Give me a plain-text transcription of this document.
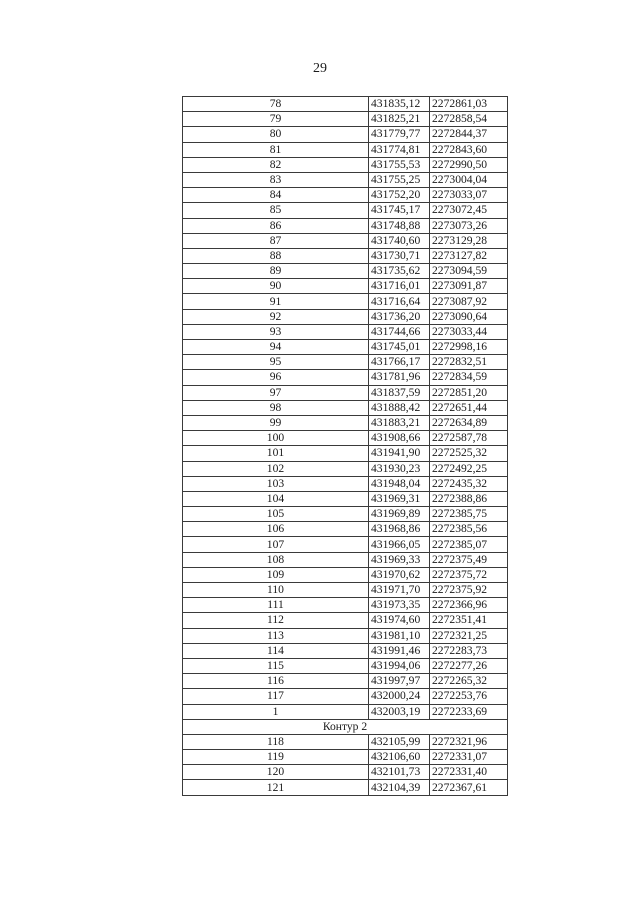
29
78	431835,12	2272861,03
79	431825,21	2272858,54
80	431779,77	2272844,37
81	431774,81	2272843,60
82	431755,53	2272990,50
83	431755,25	2273004,04
84	431752,20	2273033,07
85	431745,17	2273072,45
86	431748,88	2273073,26
87	431740,60	2273129,28
88	431730,71	2273127,82
89	431735,62	2273094,59
90	431716,01	2273091,87
91	431716,64	2273087,92
92	431736,20	2273090,64
93	431744,66	2273033,44
94	431745,01	2272998,16
95	431766,17	2272832,51
96	431781,96	2272834,59
97	431837,59	2272851,20
98	431888,42	2272651,44
99	431883,21	2272634,89
100	431908,66	2272587,78
101	431941,90	2272525,32
102	431930,23	2272492,25
103	431948,04	2272435,32
104	431969,31	2272388,86
105	431969,89	2272385,75
106	431968,86	2272385,56
107	431966,05	2272385,07
108	431969,33	2272375,49
109	431970,62	2272375,72
110	431971,70	2272375,92
111	431973,35	2272366,96
112	431974,60	2272351,41
113	431981,10	2272321,25
114	431991,46	2272283,73
115	431994,06	2272277,26
116	431997,97	2272265,32
117	432000,24	2272253,76
1	432003,19	2272233,69
Контур 2		
118	432105,99	2272321,96
119	432106,60	2272331,07
120	432101,73	2272331,40
121	432104,39	2272367,61
